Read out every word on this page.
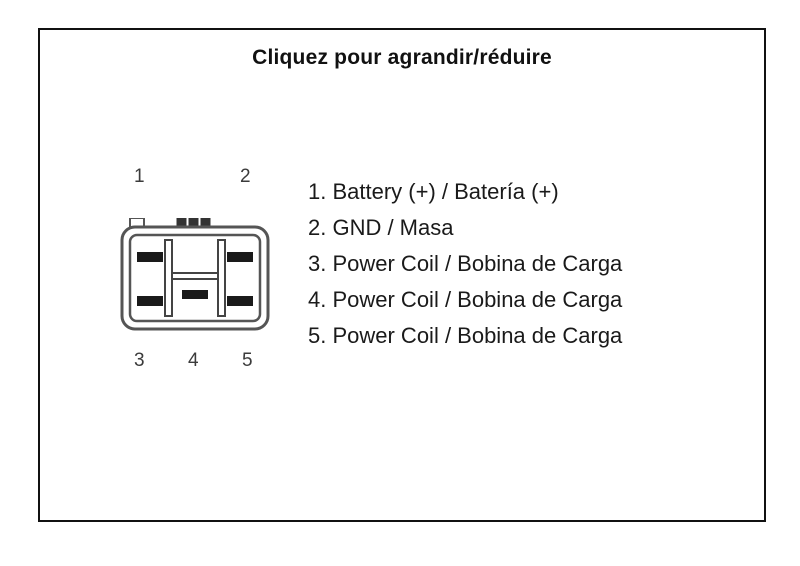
Cliquez pour agrandir/réduire
1	2
3 4 5
1. Battery (+) / Batería (+)
2. GND / Masa
3. Power Coil / Bobina de Carga
4. Power Coil / Bobina de Carga
5. Power Coil / Bobina de Carga
